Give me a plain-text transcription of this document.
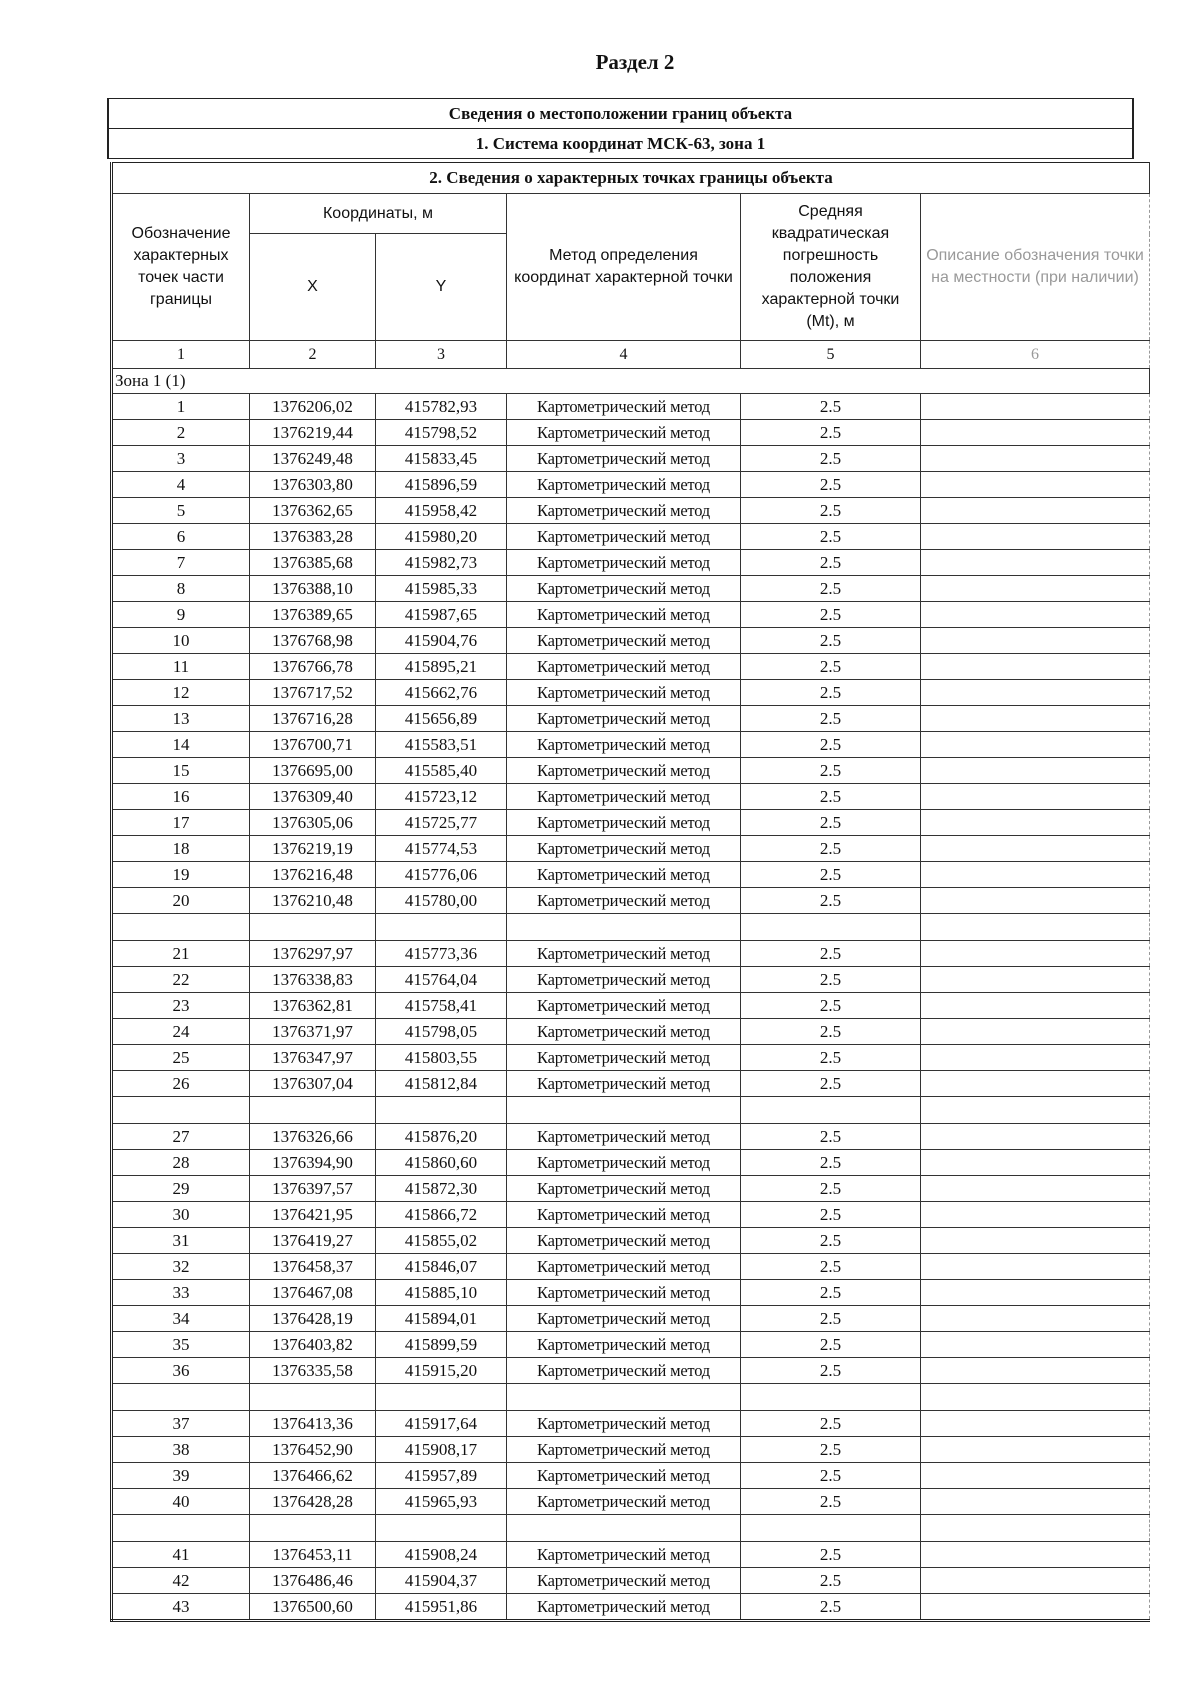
Раздел 2
Сведения о местоположении границ объекта
1. Система координат МСК-63, зона 1
2. Сведения о характерных точках границы объекта					
Обозначение характерных точек части границы	Координаты, м		Метод определения координат характерной точки	Средняя квадратическая погрешность положения характерной точки (Mt), м	Описание обозначения точки на местности (при наличии)
	X	Y			
1	2	3	4	5	6
Зона 1 (1)					
1	1376206,02	415782,93	Картометрический метод	2.5	
2	1376219,44	415798,52	Картометрический метод	2.5	
3	1376249,48	415833,45	Картометрический метод	2.5	
4	1376303,80	415896,59	Картометрический метод	2.5	
5	1376362,65	415958,42	Картометрический метод	2.5	
6	1376383,28	415980,20	Картометрический метод	2.5	
7	1376385,68	415982,73	Картометрический метод	2.5	
8	1376388,10	415985,33	Картометрический метод	2.5	
9	1376389,65	415987,65	Картометрический метод	2.5	
10	1376768,98	415904,76	Картометрический метод	2.5	
11	1376766,78	415895,21	Картометрический метод	2.5	
12	1376717,52	415662,76	Картометрический метод	2.5	
13	1376716,28	415656,89	Картометрический метод	2.5	
14	1376700,71	415583,51	Картометрический метод	2.5	
15	1376695,00	415585,40	Картометрический метод	2.5	
16	1376309,40	415723,12	Картометрический метод	2.5	
17	1376305,06	415725,77	Картометрический метод	2.5	
18	1376219,19	415774,53	Картометрический метод	2.5	
19	1376216,48	415776,06	Картометрический метод	2.5	
20	1376210,48	415780,00	Картометрический метод	2.5	

21	1376297,97	415773,36	Картометрический метод	2.5	
22	1376338,83	415764,04	Картометрический метод	2.5	
23	1376362,81	415758,41	Картометрический метод	2.5	
24	1376371,97	415798,05	Картометрический метод	2.5	
25	1376347,97	415803,55	Картометрический метод	2.5	
26	1376307,04	415812,84	Картометрический метод	2.5	

27	1376326,66	415876,20	Картометрический метод	2.5	
28	1376394,90	415860,60	Картометрический метод	2.5	
29	1376397,57	415872,30	Картометрический метод	2.5	
30	1376421,95	415866,72	Картометрический метод	2.5	
31	1376419,27	415855,02	Картометрический метод	2.5	
32	1376458,37	415846,07	Картометрический метод	2.5	
33	1376467,08	415885,10	Картометрический метод	2.5	
34	1376428,19	415894,01	Картометрический метод	2.5	
35	1376403,82	415899,59	Картометрический метод	2.5	
36	1376335,58	415915,20	Картометрический метод	2.5	

37	1376413,36	415917,64	Картометрический метод	2.5	
38	1376452,90	415908,17	Картометрический метод	2.5	
39	1376466,62	415957,89	Картометрический метод	2.5	
40	1376428,28	415965,93	Картометрический метод	2.5	

41	1376453,11	415908,24	Картометрический метод	2.5	
42	1376486,46	415904,37	Картометрический метод	2.5	
43	1376500,60	415951,86	Картометрический метод	2.5	
